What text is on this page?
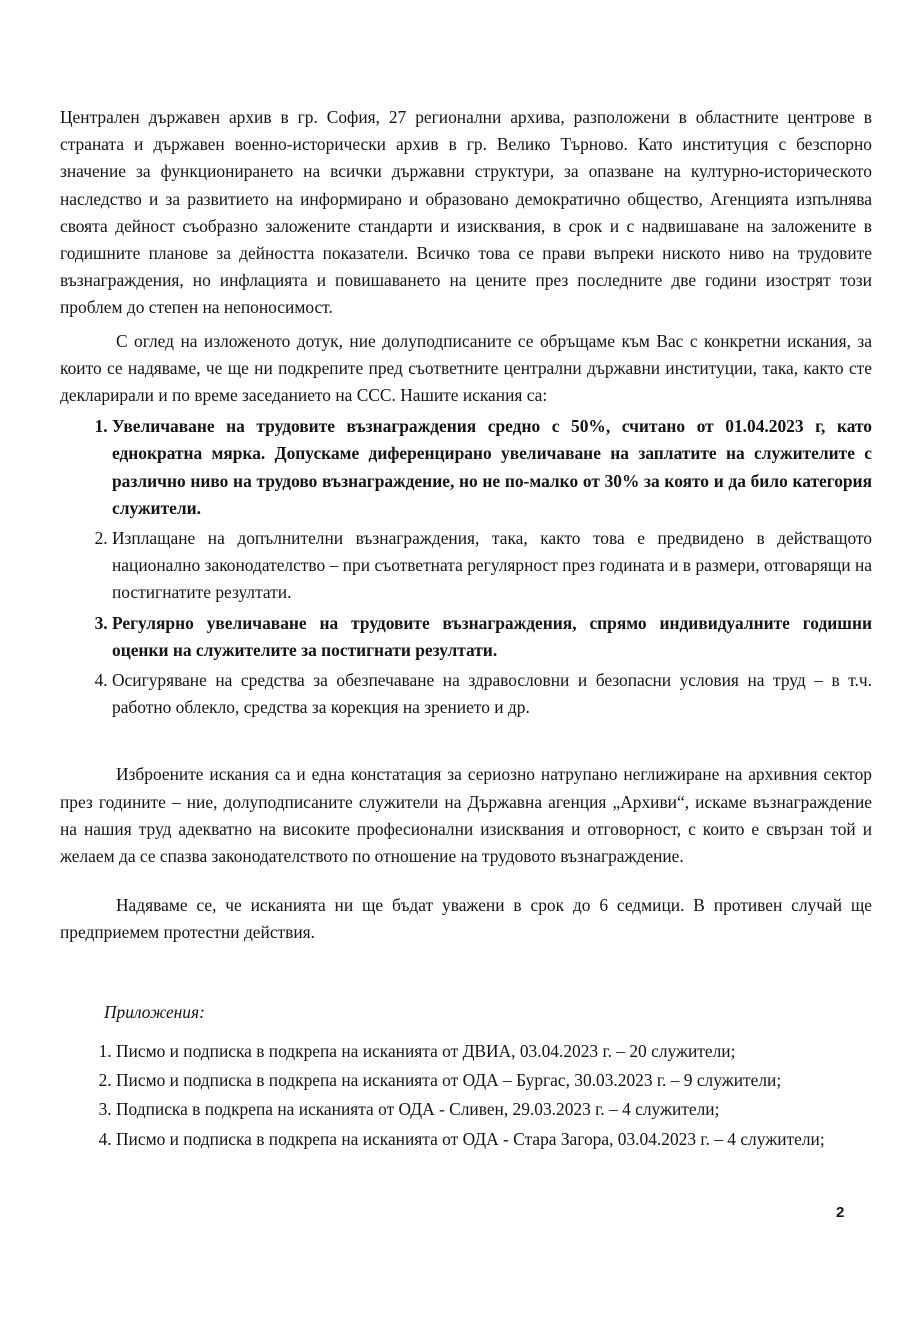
Централен държавен архив в гр. София, 27 регионални архива, разположени в областните центрове в страната и държавен военно-исторически архив в гр. Велико Търново. Като институция с безспорно значение за функционирането на всички държавни структури, за опазване на културно-историческото наследство и за развитието на информирано и образовано демократично общество, Агенцията изпълнява своята дейност съобразно заложените стандарти и изисквания, в срок и с надвишаване на заложените в годишните планове за дейността показатели. Всичко това се прави въпреки ниското ниво на трудовите възнаграждения, но инфлацията и повишаването на цените през последните две години изострят този проблем до степен на непоносимост.

С оглед на изложеното дотук, ние долуподписаните се обръщаме към Вас с конкретни искания, за които се надяваме, че ще ни подкрепите пред съответните централни държавни институции, така, както сте декларирали и по време заседанието на ССС. Нашите искания са:

1. Увеличаване на трудовите възнаграждения средно с 50%, считано от 01.04.2023 г, като еднократна мярка. Допускаме диференцирано увеличаване на заплатите на служителите с различно ниво на трудово възнаграждение, но не по-малко от 30% за която и да било категория служители.
2. Изплащане на допълнителни възнаграждения, така, както това е предвидено в действащото национално законодателство – при съответната регулярност през годината и в размери, отговарящи на постигнатите резултати.
3. Регулярно увеличаване на трудовите възнаграждения, спрямо индивидуалните годишни оценки на служителите за постигнати резултати.
4. Осигуряване на средства за обезпечаване на здравословни и безопасни условия на труд – в т.ч. работно облекло, средства за корекция на зрението и др.

Изброените искания са и една констатация за сериозно натрупано неглижиране на архивния сектор през годините – ние, долуподписаните служители на Държавна агенция „Архиви“, искаме възнаграждение на нашия труд адекватно на високите професионални изисквания и отговорност, с които е свързан той и желаем да се спазва законодателството по отношение на трудовото възнаграждение.

Надяваме се, че исканията ни ще бъдат уважени в срок до 6 седмици. В противен случай ще предприемем протестни действия.

Приложения:

1. Писмо и подписка в подкрепа на исканията от ДВИА, 03.04.2023 г. – 20 служители;
2. Писмо и подписка в подкрепа на исканията от ОДА – Бургас, 30.03.2023 г. – 9 служители;
3. Подписка в подкрепа на исканията от ОДА - Сливен, 29.03.2023 г. – 4 служители;
4. Писмо и подписка в подкрепа на исканията от ОДА - Стара Загора, 03.04.2023 г. – 4 служители;
2
